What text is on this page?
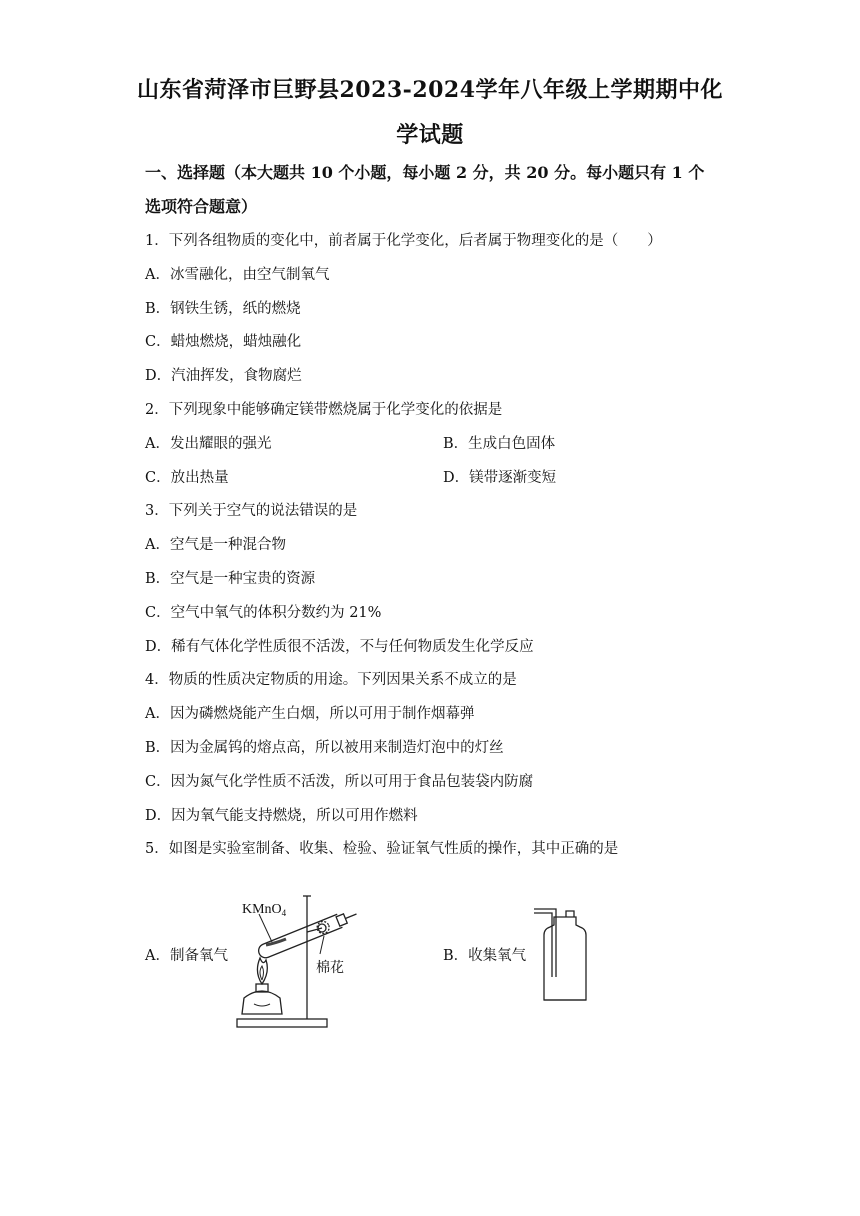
山东省菏泽市巨野县2023-2024学年八年级上学期期中化
学试题
一、选择题（本大题共 10 个小题，每小题 2 分，共 20 分。每小题只有 1 个
选项符合题意）
1．下列各组物质的变化中，前者属于化学变化，后者属于物理变化的是（　　）
A．冰雪融化，由空气制氧气
B．钢铁生锈，纸的燃烧
C．蜡烛燃烧，蜡烛融化
D．汽油挥发，食物腐烂
2．下列现象中能够确定镁带燃烧属于化学变化的依据是
A．发出耀眼的强光	B．生成白色固体
C．放出热量	D．镁带逐渐变短
3．下列关于空气的说法错误的是
A．空气是一种混合物
B．空气是一种宝贵的资源
C．空气中氧气的体积分数约为 21%
D．稀有气体化学性质很不活泼，不与任何物质发生化学反应
4．物质的性质决定物质的用途。下列因果关系不成立的是
A．因为磷燃烧能产生白烟，所以可用于制作烟幕弹
B．因为金属钨的熔点高，所以被用来制造灯泡中的灯丝
C．因为氮气化学性质不活泼，所以可用于食品包装袋内防腐
D．因为氧气能支持燃烧，所以可用作燃料
5．如图是实验室制备、收集、检验、验证氧气性质的操作，其中正确的是
A．制备氧气	B．收集氧气
KMnO$_4$
棉花
